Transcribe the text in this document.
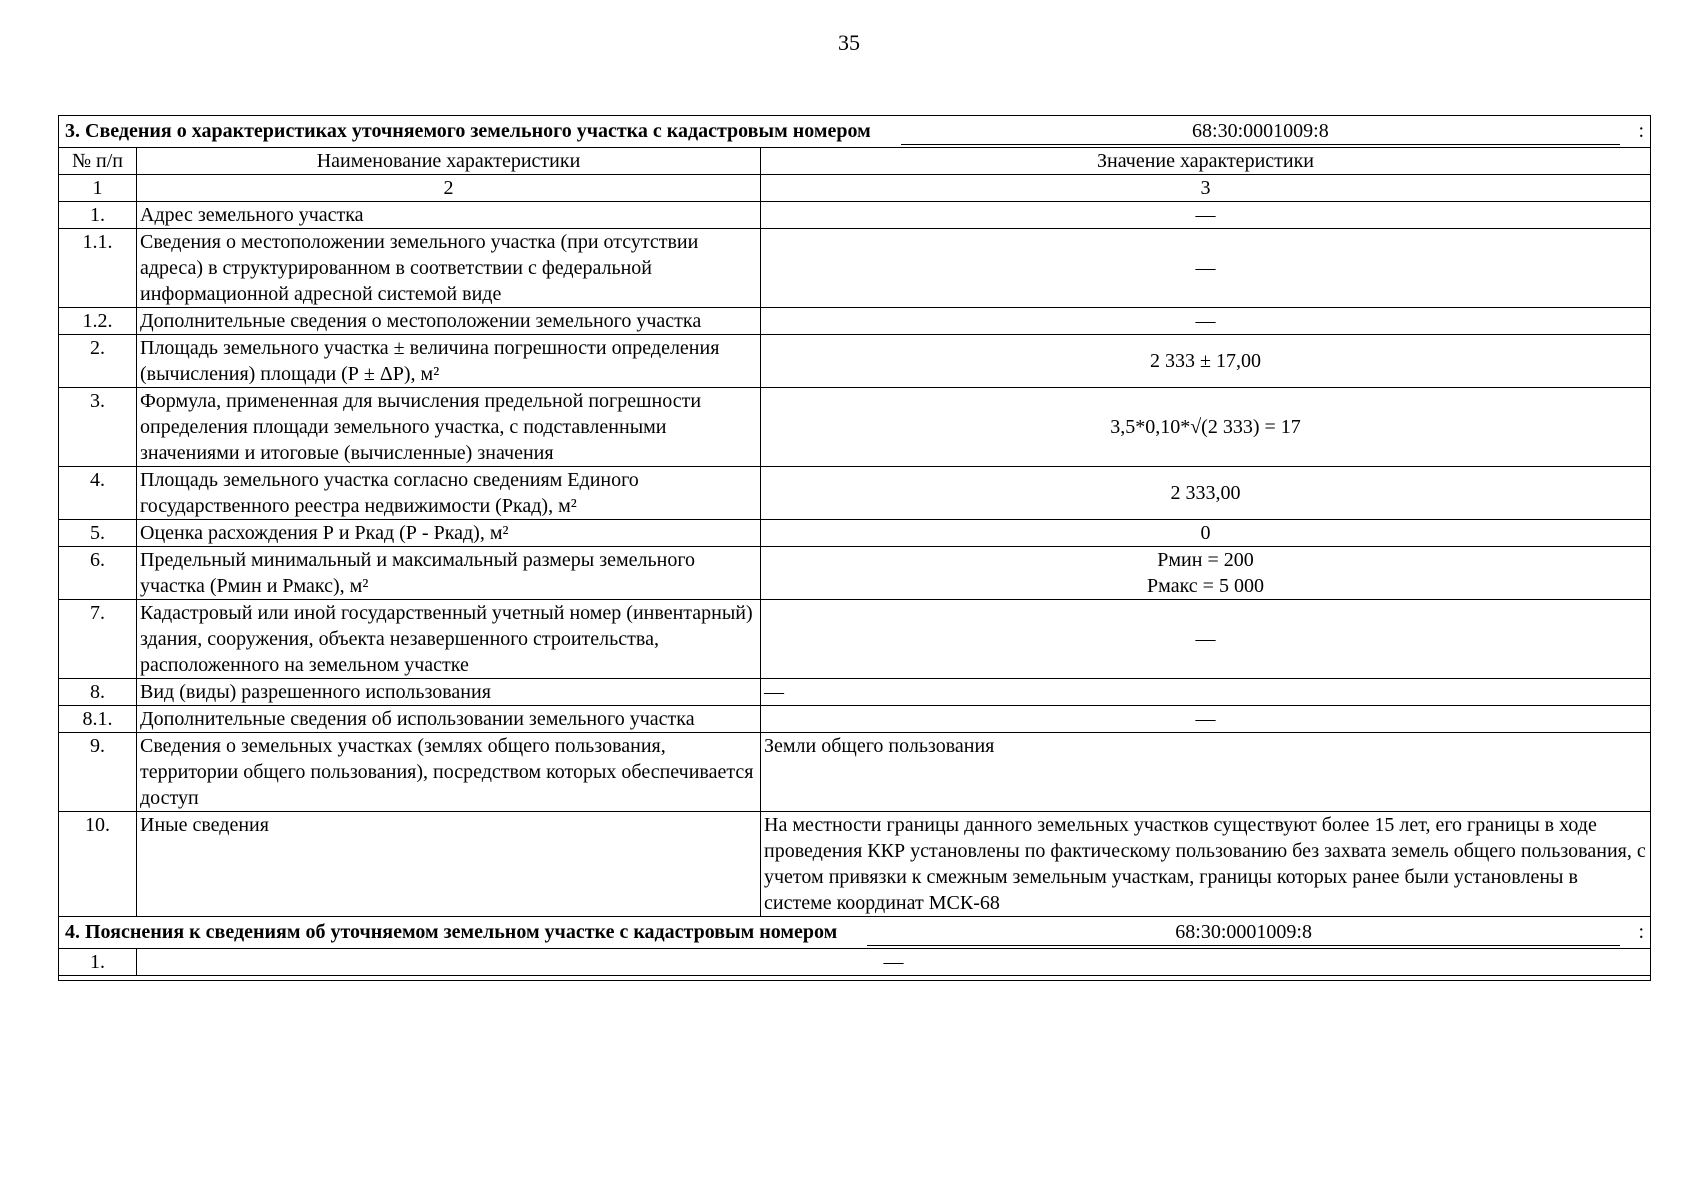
35
3. Сведения о характеристиках уточняемого земельного участка с кадастровым номером 68:30:0001009:8 :		

№ п/п	Наименование характеристики	Значение характеристики
1	2	3
1.	Адрес земельного участка	—
1.1.	Сведения о местоположении земельного участка (при отсутствии адреса) в структурированном в соответствии с федеральной информационной адресной системой виде	—
1.2.	Дополнительные сведения о местоположении земельного участка	—
2.	Площадь земельного участка ± величина погрешности определения (вычисления) площади (Р ± ΔР), м²	2 333 ± 17,00
3.	Формула, примененная для вычисления предельной погрешности определения площади земельного участка, с подставленными значениями и итоговые (вычисленные) значения	3,5*0,10*√(2 333) = 17
4.	Площадь земельного участка согласно сведениям Единого государственного реестра недвижимости (Ркад), м²	2 333,00
5.	Оценка расхождения Р и Ркад (Р - Ркад), м²	0
6.	Предельный минимальный и максимальный размеры земельного участка (Рмин и Рмакс), м²	Рмин = 200
Рмакс = 5 000

7.	Кадастровый или иной государственный учетный номер (инвентарный) здания, сооружения, объекта незавершенного строительства, расположенного на земельном участке	—
8.	Вид (виды) разрешенного использования	—
8.1.	Дополнительные сведения об использовании земельного участка	—
9.	Сведения о земельных участках (землях общего пользования, территории общего пользования), посредством которых обеспечивается доступ	Земли общего пользования
10.	Иные сведения	На местности границы данного земельных участков существуют более 15 лет, его границы в ходе проведения ККР установлены по фактическому пользованию без захвата земель общего пользования, с учетом привязки к смежным земельным участкам, границы которых ранее были установлены в системе координат МСК-68

4. Пояснения к сведениям об уточняемом земельном участке с кадастровым номером 68:30:0001009:8 :		

1.	—	
